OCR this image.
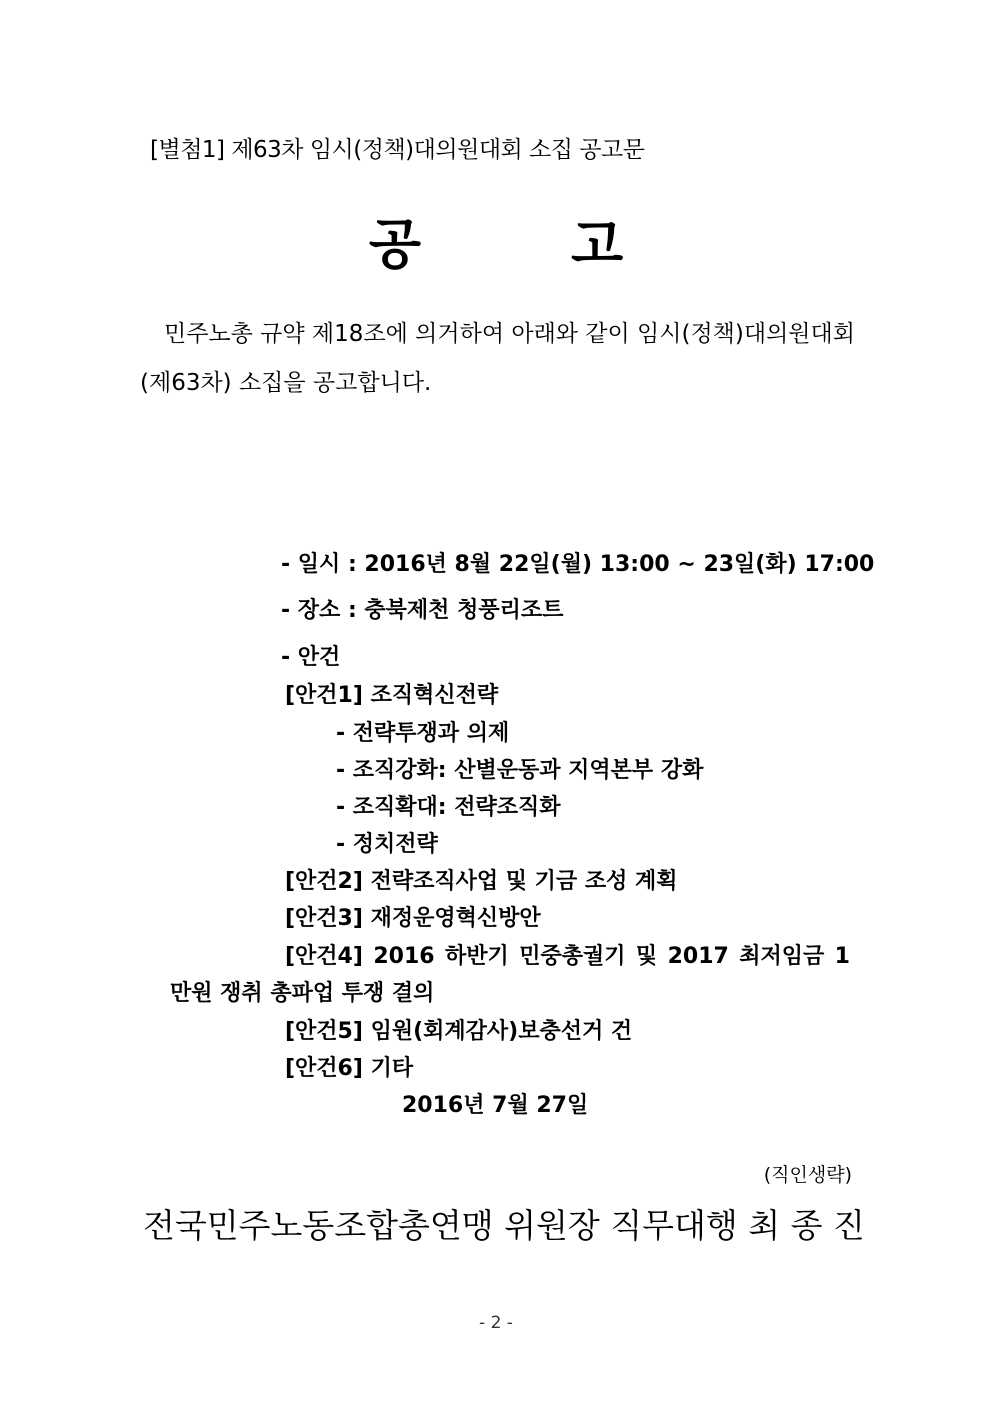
[별첨1] 제63차 임시(정책)대의원대회 소집 공고문
공	고
민주노총 규약 제18조에 의거하여 아래와 같이 임시(정책)대의원대회
(제63차) 소집을 공고합니다.
- 일시 : 2016년 8월 22일(월) 13:00 ~ 23일(화) 17:00
- 장소 : 충북제천 청풍리조트
- 안건
[안건1] 조직혁신전략
- 전략투쟁과 의제
- 조직강화: 산별운동과 지역본부 강화
- 조직확대: 전략조직화
- 정치전략
[안건2] 전략조직사업 및 기금 조성 계획
[안건3] 재정운영혁신방안
[안건4] 2016 하반기 민중총궐기 및 2017 최저임금 1
만원 쟁취 총파업 투쟁 결의
[안건5] 임원(회계감사)보충선거 건
[안건6] 기타
2016년 7월 27일
(직인생략)
전국민주노동조합총연맹 위원장 직무대행 최 종 진
- 2 -
